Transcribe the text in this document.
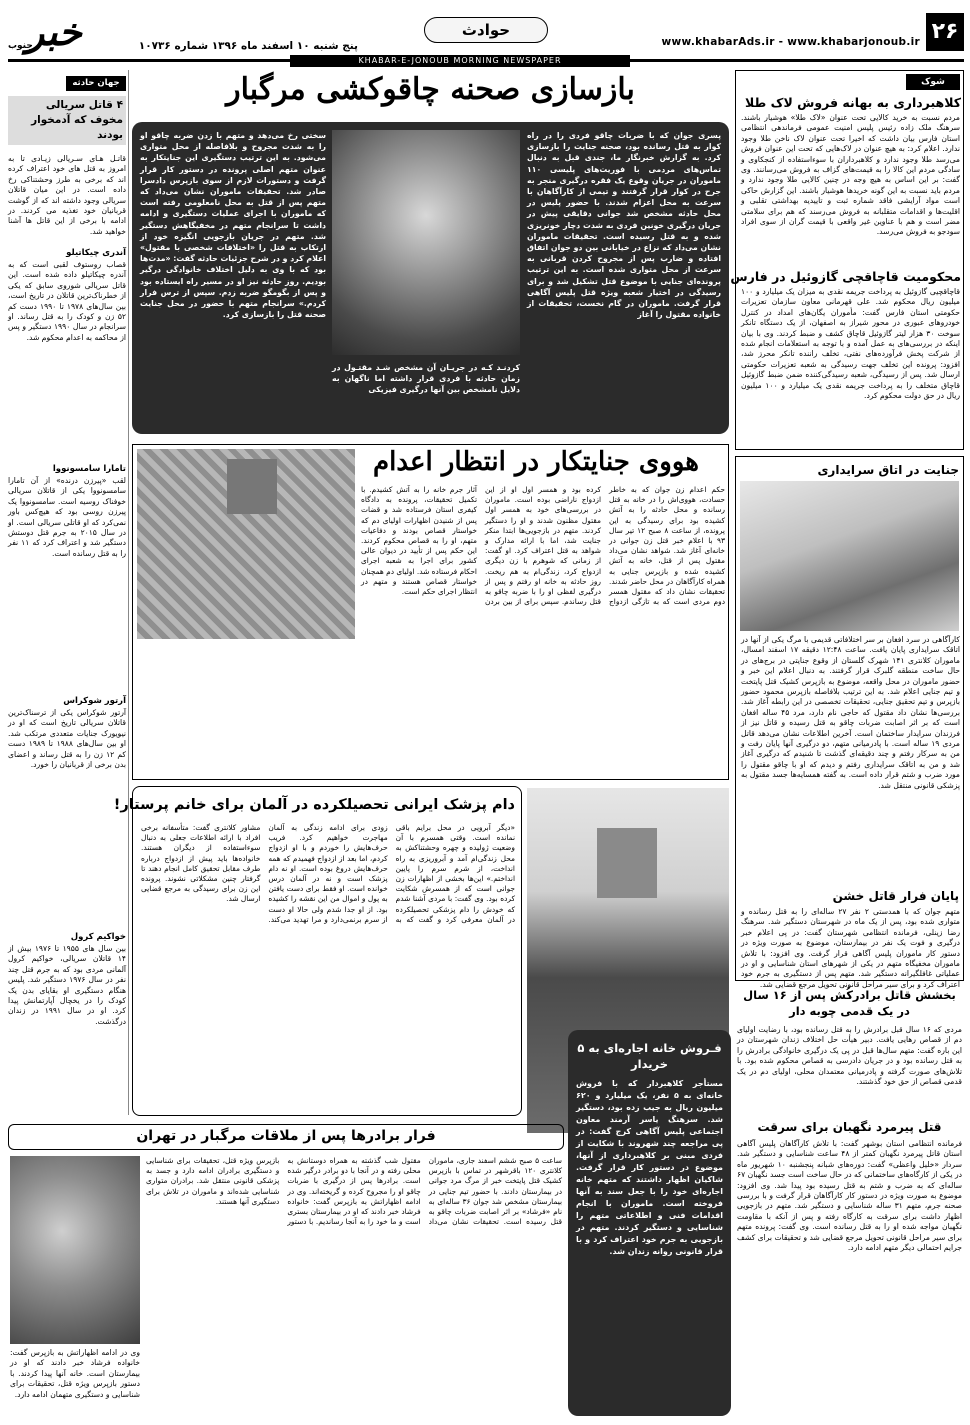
۲۶
www.khabarAds.ir - www.khabarjonoub.ir
حوادث
پنج شنبه ۱۰ اسفند ماه ۱۳۹۶ شماره ۱۰۷۳۶
خبر
جنوب
KHABAR-E-JONOUB MORNING NEWSPAPER
شوک
کلاهبرداری به بهانه فروش لاک طلا
مردم نسبت به خرید کالایی تحت عنوان «لاک طلا» هوشیار باشند. سرهنگ ملک زاده رئیس پلیس امنیت عمومی فرماندهی انتظامی استان فارس بیان داشت که اخیرا تحت عنوان لاک ناخن طلا وجود ندارد. اعلام کرد: به هیچ عنوان در لاک‌هایی که تحت این عنوان فروش می‌رسد طلا وجود ندارد و کلاهبرداران با سوءاستفاده از کنجکاوی و سادگی مردم این کالا را به قیمت‌های گزاف به فروش می‌رسانند. وی گفت: بر این اساس به هیچ وجه در چنین کالایی طلا وجود ندارد و مردم باید نسبت به این گونه خریدها هوشیار باشند. این گزارش حاکی است مواد آرایشی فاقد شماره ثبت و تاییدیه بهداشتی تقلبی و اقلیت‌ها و اقدامات متقلبانه به فروش می‌رسند که هم برای سلامتی مضر است و هم با عناوین غیر واقعی با قیمت گران از سوی افراد سودجو به فروش می‌رسد.
محکومیت قاچاقچی گازوئیل در فارس
قاچاقچیی گازوئیل به پرداخت جریمه نقدی به میزان یک میلیارد و ۱۰۰ میلیون ریال محکوم شد. علی قهرمانی معاون سازمان تعزیرات حکومتی استان فارس گفت: مأموران یگان‌های امداد در کنترل خودروهای عبوری در محور شیراز به اصفهان، از یک دستگاه تانکر سوخت ۳۰ هزار لیتر گازوئیل قاچاق کشف و ضبط کردند. وی با بیان اینکه در بررسی‌های به عمل آمده و با توجه به استعلامات انجام شده از شرکت پخش فرآورده‌های نفتی، تخلف راننده تانکر محرز شد، افزود: پرونده این تخلف جهت رسیدگی به شعبه تعزیرات حکومتی ارسال شد. پس از رسیدگی، شعبه رسیدگی‌کننده ضمن ضبط گازوئیل قاچاق متخلف را به پرداخت جریمه نقدی یک میلیارد و ۱۰۰ میلیون ریال در حق دولت محکوم کرد.
جنایت در اتاق سرایداری
کارآگاهی در سرد افغان بر سر اختلافاتی قدیمی با مرگ یکی از آنها در اتاقک سرایداری پایان یافت. ساعت ۱۲:۴۸ دقیقه ۱۷ اسفند امسال، ماموران کلانتری ۱۴۱ شهرک گلستان از وقوع جنایتی در برج‌های در حال ساخت منطقه گلبرک قرار گرفتند. به دنبال اعلام این خبر و حضور ماموران در محل واقعه، موضوع به بازپرس کشیک قتل پایتخت و تیم جنایی اعلام شد. به این ترتیب بلافاصله بازپرس محمود حضور بازپرس و تیم تحقیق جنایی، تحقیقات تخصصی در این رابطه آغاز شد. بررسی‌ها نشان داد مقتول که حاجی نام دارد، مرد ۴۵ ساله افغان است که بر اثر اصابت ضربات چاقو به قتل رسیده و قاتل نیز از فرزندان سرایدار ساختمان است. آخرین اطلاعات نشان می‌دهد قاتل مردی ۱۹ ساله است. با پادرمیانی متهم، دو درگیری آنها پایان رفت و من به سرکار رفتم و چند دقیقه‌ای گذشت تا شنیدم که درگیری آغاز شد و من به اتاقک سرایداری رفتم و دیدم که او با چاقو مقتول را مورد ضرب و شتم قرار داده است. به گفته همسایه‌ها جسد مقتول به پزشکی قانونی منتقل شد.
پایان فرار قاتل خشن
متهم جوان که با همدستی ۲ نفر ۲۷ ساله‌ای را به قتل رسانده و متواری شده بود، پس از یک ماه در شهرستان دستگیر شد. سرهنگ رضا زینلی، فرمانده انتظامی شهرستان گفت: در پی اعلام خبر درگیری و فوت یک نفر در بیمارستان، موضوع به صورت ویژه در دستور کار ماموران پلیس آگاهی قرار گرفت. وی افزود: با تلاش ماموران مخفیگاه متهم در یکی از شهرهای استان شناسایی و او در عملیاتی غافلگیرانه دستگیر شد. متهم پس از دستگیری به جرم خود اعتراف کرد و برای سیر مراحل قانونی تحویل مرجع قضایی شد.
بخشش قاتل برادرکُش پس از ۱۶ سال در یک قدمی چوبه دار
مردی که ۱۶ سال قبل برادرش را به قتل رسانده بود، با رضایت اولیای دم از قصاص رهایی یافت. دبیر هیأت حل اختلاف زندان شهرستان در این باره گفت: متهم سال‌ها قبل در پی یک درگیری خانوادگی برادرش را به قتل رسانده بود و در جریان دادرسی به قصاص محکوم شده بود. با تلاش‌های صورت گرفته و پادرمیانی معتمدان محلی، اولیای دم در یک قدمی قصاص از حق خود گذشتند.
قتل پیرمرد نگهبان برای سرقت
فرمانده انتظامی استان بوشهر گفت: با تلاش کارآگاهان پلیس آگاهی استان قاتل پیرمرد نگهبان کمتر از ۴۸ ساعت شناسایی و دستگیر شد. سردار «خلیل واعظی» گفت: دوره‌های شبانه پنجشنبه ۱۰ شهریور ماه در یکی از کارگاه‌های ساختمانی که در حال ساخت است جسد نگهبان ۶۷ ساله‌ای که به ضرب و شتم به قتل رسیده بود پیدا شد. وی افزود: موضوع به صورت ویژه در دستور کار کارآگاهان قرار گرفت و با بررسی صحنه جرم، متهم ۳۱ ساله شناسایی و دستگیر شد. متهم در بازجویی اظهار داشت برای سرقت به کارگاه رفته و پس از آنکه با مقاومت نگهبان مواجه شده او را به قتل رسانده است. وی گفت: پرونده متهم برای سیر مراحل قانونی تحویل مرجع قضایی شد و تحقیقات برای کشف جرایم احتمالی دیگر متهم ادامه دارد.
بازسازی صحنه چاقوکشی مرگبار
پسری جوان که با ضربات چاقو فردی را در راه کوار به قتل رسانده بود، صحنه جنایت را بازسازی کرد. به گزارش خبرنگار ما، جندی قبل به دنبال تماس‌های مردمی با فوریت‌های پلیسی ۱۱۰ ماموران در جریان وقوع یک فقره درگیری منجر به جرح در کوار قرار گرفتند و تیمی از کارآگاهان با سرعت به محل اعزام شدند. با حضور پلیس در محل حادثه مشخص شد جوانی دقایقی پیش در جریان درگیری خونین فردی به شدت دچار خونریزی شده و به قتل رسیده است. تحقیقات ماموران نشان می‌داد که نزاع در خیابانی بین دو جوان اتفاق افتاده و ضارب پس از مجروح کردن قربانی به سرعت از محل متواری شده است. به این ترتیب پرونده‌ای جنایی با موضوع قتل تشکیل شد و برای رسیدگی در اختیار شعبه ویژه قتل پلیس آگاهی قرار گرفت. ماموران در گام نخست، تحقیقات از خانواده مقتول را آغاز
کردنـد کـه در جریـان آن مشخص شـد مقتـول در زمان حادثه با فردی قرار داشته اما ناگهان به دلایل نامشخص بین آنها درگیری فیزیکی
سختی رخ می‌دهد و متهم با زدن ضربه چاقو او را به شدت مجروح و بلافاصله از محل متواری می‌شود. به این ترتیب دستگیری این جنایتکار به عنوان متهم اصلی پرونده در دستور کار قرار گرفت و دستورات لازم از سوی بازپرس دادسرا صادر شد. تحقیقات ماموران نشان می‌داد که متهم پس از قتل به محل نامعلومی رفته است که ماموران با اجرای عملیات دستگیری و ادامه داشت تا سرانجام متهم در مخفیگاهش دستگیر شد. متهم در جریان بازجویی انگیزه خود از ارتکاب به قتل را «اختلافات شخصی با مقتول» اعلام کرد و در شرح جزئیات حادثه گفت: «مدت‌ها بود که با وی به دلیل اختلاف خانوادگی درگیر بودیم. روز حادثه نیز او در مسیر راه ایستاده بود و پس از بگومگو ضربه زدم. سپس از ترس فرار کردم.» سرانجام متهم با حضور در محل جنایت صحنه قتل را بازسازی کرد.
جهان حادثه
۴ قاتل سریالی مخوف که آدمخوار بودند
قاتـل هـای سـریالی زیـادی تا به امروز به قتل های خود اعتراف کرده اند که برخی به طرز وحشتناکی رخ داده است. در این میان قاتلان سریالی وجود داشته اند که از گوشت قربانیان خود تغذیه می کردند. در ادامه با برخی از این قاتل ها آشنا خواهید شد.
آندری چیکاتیلو
قصاب روستوف لقبی است که به آندره چیکاتیلو داده شده است. این قاتل سریالی شوروی سابق که یکی از خطرناک‌ترین قاتلان در تاریخ است، بین سال‌های ۱۹۷۸ تا ۱۹۹۰ دست کم ۵۲ زن و کودک را به قتل رساند. او سرانجام در سال ۱۹۹۰ دستگیر و پس از محاکمه به اعدام محکوم شد.
تامارا سامسونووا
لقب «پیرزن درنده» از آن تامارا سامسونووا یکی از قاتلان سریالی خوفناک روسیه است. سامسونووا یک پیرزن روسی بود که هیچ‌کس باور نمی‌کرد که او قاتلی سریالی است. او در سال ۲۰۱۵ به جرم قتل دوستش دستگیر شد و اعتراف کرد که ۱۱ نفر را به قتل رسانده است.
آرتور شوکراس
آرتور شوکراس یکی از ترسناک‌ترین قاتلان سریالی تاریخ است که او در نیویورک جنایات متعددی مرتکب شد. او بین سال‌های ۱۹۸۸ تا ۱۹۸۹ دست کم ۱۲ زن را به قتل رساند و اعضای بدن برخی از قربانیان را خورد.
خواکیم کرول
بین سال های ۱۹۵۵ تا ۱۹۷۶ بیش از ۱۴ قاتلان سریالی، خواکیم کرول آلمانی مردی بود که به جرم قتل چند نفر در سال ۱۹۷۶ دستگیر شد. پلیس هنگام دستگیری او بقایای بدن یک کودک را در یخچال آپارتمانش پیدا کرد. او در سال ۱۹۹۱ در زندان درگذشت.
هووی جنایتکار در انتظار اعدام
حکم اعدام زن جوان که به خاطر حسادت، هووی‌اش را در خانه به قتل رسانده و محل حادثه را به آتش کشیده بود برای رسیدگی به این پرونده، از ساعت ۸ صبح ۱۲ تیر سال ۹۳ با اعلام خبر قتل زن جوانی در خانه‌ای آغاز شد. شواهد نشان می‌داد مقتول پس از قتل، خانه به آتش کشیده شده و بازپرس جنایی به همراه کارآگاهان در محل حاضر شدند. تحقیقات نشان داد که مقتول همسر دوم مردی است که به تازگی ازدواج کرده بود و همسر اول او از این ازدواج ناراضی بوده است. ماموران در بررسی‌های خود به همسر اول مقتول مظنون شدند و او را دستگیر کردند. متهم در بازجویی‌ها ابتدا منکر جنایت شد، اما با ارائه مدارک و شواهد به قتل اعتراف کرد. او گفت: از زمانی که شوهرم با زن دیگری ازدواج کرد، زندگی‌ام به هم ریخت. روز حادثه به خانه او رفتم و پس از درگیری لفظی او را با ضربه چاقو به قتل رساندم. سپس برای از بین بردن آثار جرم خانه را به آتش کشیدم. با تکمیل تحقیقات، پرونده به دادگاه کیفری استان فرستاده شد و قضات پس از شنیدن اظهارات اولیای دم که خواستار قصاص بودند و دفاعیات متهم، او را به قصاص محکوم کردند. این حکم پس از تأیید در دیوان عالی کشور برای اجرا به شعبه اجرای احکام فرستاده شد. اولیای دم همچنان خواستار قصاص هستند و متهم در انتظار اجرای حکم است.
دام پزشک ایرانی تحصیلکرده در آلمان برای خانم پرستار!
«دیگر آبرویی در محل برایم باقی نمانده است. وقتی همسرم با آن وضعیت ژولیده و چهره وحشتناکش به محل زندگی‌ام آمد و آبروریزی به راه انداخت، از شرم سرم را پایین انداختم.» این‌ها بخشی از اظهارات زن جوانی است که از همسرش شکایت کرده بود. وی گفت: با مردی آشنا شدم که خودش را دام پزشکی تحصیلکرده در آلمان معرفی کرد و گفت که به زودی برای ادامه زندگی به آلمان مهاجرت خواهیم کرد. فریب حرف‌هایش را خوردم و با او ازدواج کردم، اما بعد از ازدواج فهمیدم که همه حرف‌هایش دروغ بوده است. او نه دام پزشک است و نه در آلمان درس خوانده است. او فقط برای دست یافتن به پول و اموال من این نقشه را کشیده بود. از او جدا شدم ولی حالا او دست از سرم برنمی‌دارد و مرا تهدید می‌کند. مشاور کلانتری گفت: متأسفانه برخی افراد با ارائه اطلاعات جعلی به دنبال سوءاستفاده از دیگران هستند. خانواده‌ها باید پیش از ازدواج درباره طرف مقابل تحقیق کامل انجام دهند تا گرفتار چنین مشکلاتی نشوند. پرونده این زن برای رسیدگی به مرجع قضایی ارسال شد.
فـروش خانه اجاره‌ای به ۵ خریدار
مستأجر کلاهبردار که با فروش خانه‌ای به ۵ نفر، یک میلیارد و ۶۲۰ میلیون ریال به جیب زده بود، دستگیر شد. سرهنگ یاسر آرمند معاون اجتماعی پلیس آگاهی کرج گفت: در پی مراجعه چند شهروند با شکایت از فردی مبنی بر کلاهبرداری از آنها، موضوع در دستور کار قرار گرفت. شاکیان اظهار داشتند که متهم خانه اجاره‌ای خود را با جعل سند به آنها فروخته است. ماموران با انجام اقدامات فنی و اطلاعاتی متهم را شناسایی و دستگیر کردند. متهم در بازجویی به جرم خود اعتراف کرد و با قرار قانونی روانه زندان شد.
فرار برادرها پس از ملاقات مرگبار در تهران
وی در ادامه اظهاراتش به بازپرس گفت: خانواده فرشاد خبر دادند که او در بیمارستان است. خانه آنها پیدا کردند. با دستور بازپرس ویژه قتل، تحقیقات برای شناسایی و دستگیری متهمان ادامه دارد.
ساعت ۵ صبح ششم اسفند جاری، ماموران کلانتری ۱۲۰ باقرشهر در تماس با بازپرس کشیک قتل پایتخت خبر از مرگ مرد جوانی در بیمارستان دادند. با حضور تیم جنایی در بیمارستان مشخص شد جوان ۳۶ ساله‌ای به نام «فرشاد» بر اثر اصابت ضربات چاقو به قتل رسیده است. تحقیقات نشان می‌داد مقتول شب گذشته به همراه دوستانش به محلی رفته و در آنجا با دو برادر درگیر شده است. برادرها پس از درگیری با ضربات چاقو او را مجروح کرده و گریخته‌اند. وی در ادامه اظهاراتش به بازپرس گفت: خانواده فرشاد خبر دادند که او در بیمارستان بستری است و ما خود را به آنجا رساندیم. با دستور بازپرس ویژه قتل، تحقیقات برای شناسایی و دستگیری برادران ادامه دارد و جسد به پزشکی قانونی منتقل شد. برادران متواری شناسایی شده‌اند و ماموران در تلاش برای دستگیری آنها هستند.
